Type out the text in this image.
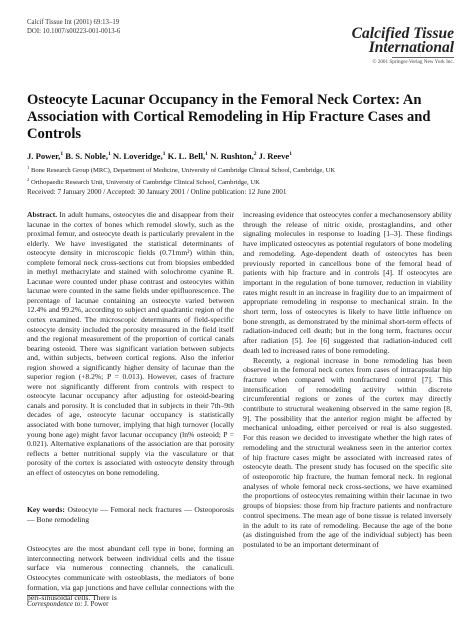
Calcif Tissue Int (2001) 69:13–19
DOI: 10.1007/s00223-001-0013-6	Calcified Tissue
International
© 2001 Springer-Verlag New York Inc.
Osteocyte Lacunar Occupancy in the Femoral Neck Cortex: An Association with Cortical Remodeling in Hip Fracture Cases and Controls
J. Power,$^1$ B. S. Noble,$^1$ N. Loveridge,$^1$ K. L. Bell,$^1$ N. Rushton,$^2$ J. Reeve$^1$
$^1$ Bone Research Group (MRC), Department of Medicine, University of Cambridge Clinical School, Cambridge, UK
$^2$ Orthopaedic Research Unit, University of Cambridge Clinical School, Cambridge, UK
Received: 7 January 2000 / Accepted: 30 January 2001 / Online publication: 12 June 2001

Abstract. In adult humans, osteocytes die and disappear from their lacunae in the cortex of bones which remodel slowly, such as the proximal femur, and osteocyte death is particularly prevalent in the elderly. We have investigated the statistical determinants of osteocyte density in microscopic fields (0.71mm²) within thin, complete femoral neck cross-sections cut from biopsies embedded in methyl methacrylate and stained with solochrome cyanine R. Lacunae were counted under phase contrast and osteocytes within lacunae were counted in the same fields under epifluorescence. The percentage of lacunae containing an osteocyte varied between 12.4% and 99.2%, according to subject and quadrantic region of the cortex examined. The microscopic determinants of field-specific osteocyte density included the porosity measured in the field itself and the regional measurement of the proportion of cortical canals bearing osteoid. There was significant variation between subjects and, within subjects, between cortical regions. Also the inferior region showed a significantly higher density of lacunae than the superior region (+8.2%; P = 0.013). However, cases of fracture were not significantly different from controls with respect to osteocyte lacunar occupancy after adjusting for osteoid-bearing canals and porosity. It is concluded that in subjects in their 7th–9th decades of age, osteocyte lacunar occupancy is statistically associated with bone turnover, implying that high turnover (locally young bone age) might favor lacunar occupancy (ln% osteoid; P = 0.021). Alternative explanations of the association are that porosity reflects a better nutritional supply via the vasculature or that porosity of the cortex is associated with osteocyte density through an effect of osteocytes on bone remodeling.

Key words: Osteocyte — Femoral neck fractures — Osteoporosis — Bone remodeling
Osteocytes are the most abundant cell type in bone, forming an interconnecting network between individual cells and the tissue surface via numerous connecting channels, the canaliculi. Osteocytes communicate with osteoblasts, the mediators of bone formation, via gap junctions and have cellular connections with the peri-sinusoidal cells. There is
Correspondence to: J. Power

increasing evidence that osteocytes confer a mechanosensory ability through the release of nitric oxide, prostaglandins, and other signaling molecules in response to loading [1–3]. These findings have implicated osteocytes as potential regulators of bone modeling and remodeling. Age-dependent death of osteocytes has been previously reported in cancellous bone of the femoral head of patients with hip fracture and in controls [4]. If osteocytes are important in the regulation of bone turnover, reduction in viability rates might result in an increase in fragility due to an impairment of appropriate remodeling in response to mechanical strain. In the short term, loss of osteocytes is likely to have little influence on bone strength, as demonstrated by the minimal short-term effects of radiation-induced cell death; but in the long term, fractures occur after radiation [5]. Jee [6] suggested that radiation-induced cell death led to increased rates of bone remodeling.

Recently, a regional increase in bone remodeling has been observed in the femoral neck cortex from cases of intracapsular hip fracture when compared with nonfractured control [7]. This intensification of remodeling activity within discrete circumferential regions or zones of the cortex may directly contribute to structural weakening observed in the same region [8, 9]. The possibility that the anterior region might be affected by mechanical unloading, either perceived or real is also suggested. For this reason we decided to investigate whether the high rates of remodeling and the structural weakness seen in the anterior cortex of hip fracture cases might be associated with increased rates of osteocyte death. The present study has focused on the specific site of osteoporotic hip fracture, the human femoral neck. In regional analyses of whole femoral neck cross-sections, we have examined the proportions of osteocytes remaining within their lacunae in two groups of biopsies: those from hip fracture patients and nonfracture control specimens. The mean age of bone tissue is related inversely in the adult to its rate of remodeling. Because the age of the bone (as distinguished from the age of the individual subject) has been postulated to be an important determinant of
